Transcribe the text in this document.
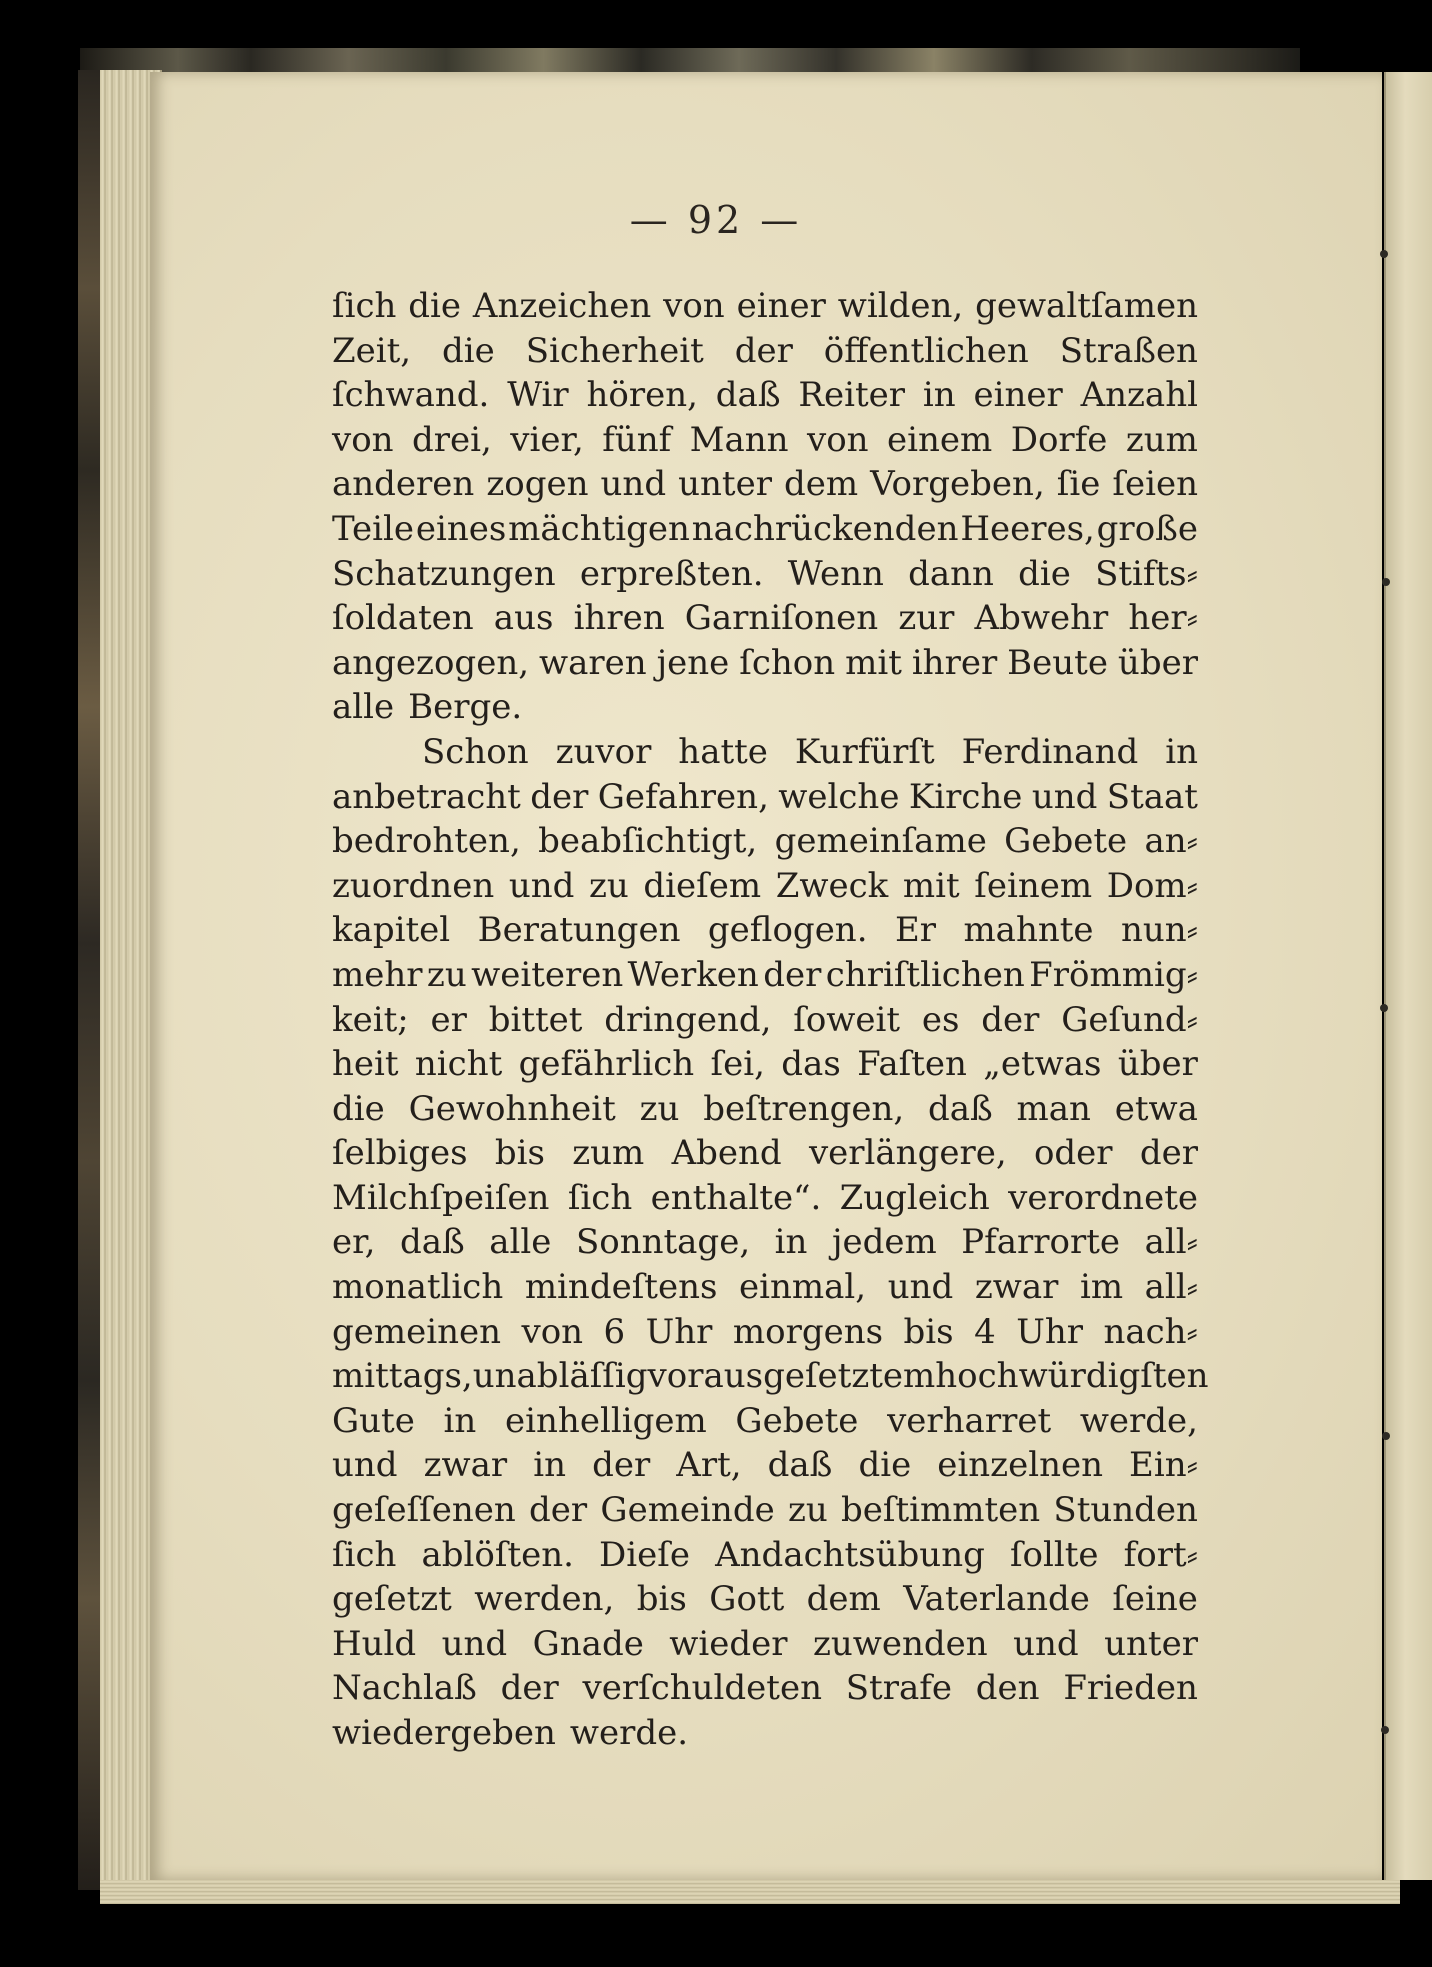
— 92 —
ſich die Anzeichen von einer wilden, gewaltſamen
Zeit, die Sicherheit der öffentlichen Straßen
ſchwand. Wir hören, daß Reiter in einer Anzahl
von drei, vier, fünf Mann von einem Dorfe zum
anderen zogen und unter dem Vorgeben, ſie ſeien
Teile eines mächtigen nachrückenden Heeres, große
Schatzungen erpreßten. Wenn dann die Stifts⸗
ſoldaten aus ihren Garniſonen zur Abwehr her⸗
angezogen, waren jene ſchon mit ihrer Beute über
alle Berge.
Schon zuvor hatte Kurfürſt Ferdinand in
anbetracht der Gefahren, welche Kirche und Staat
bedrohten, beabſichtigt, gemeinſame Gebete an⸗
zuordnen und zu dieſem Zweck mit ſeinem Dom⸗
kapitel Beratungen geflogen. Er mahnte nun⸗
mehr zu weiteren Werken der chriſtlichen Frömmig⸗
keit; er bittet dringend, ſoweit es der Geſund⸗
heit nicht gefährlich ſei, das Faſten „etwas über
die Gewohnheit zu beſtrengen, daß man etwa
ſelbiges bis zum Abend verlängere, oder der
Milchſpeiſen ſich enthalte“. Zugleich verordnete
er, daß alle Sonntage, in jedem Pfarrorte all⸗
monatlich mindeſtens einmal, und zwar im all⸗
gemeinen von 6 Uhr morgens bis 4 Uhr nach⸗
mittags, unabläſſig vor ausgeſetztem hochwürdigſten
Gute in einhelligem Gebete verharret werde,
und zwar in der Art, daß die einzelnen Ein⸗
geſeſſenen der Gemeinde zu beſtimmten Stunden
ſich ablöſten. Dieſe Andachtsübung ſollte fort⸗
geſetzt werden, bis Gott dem Vaterlande ſeine
Huld und Gnade wieder zuwenden und unter
Nachlaß der verſchuldeten Strafe den Frieden
wiedergeben werde.
